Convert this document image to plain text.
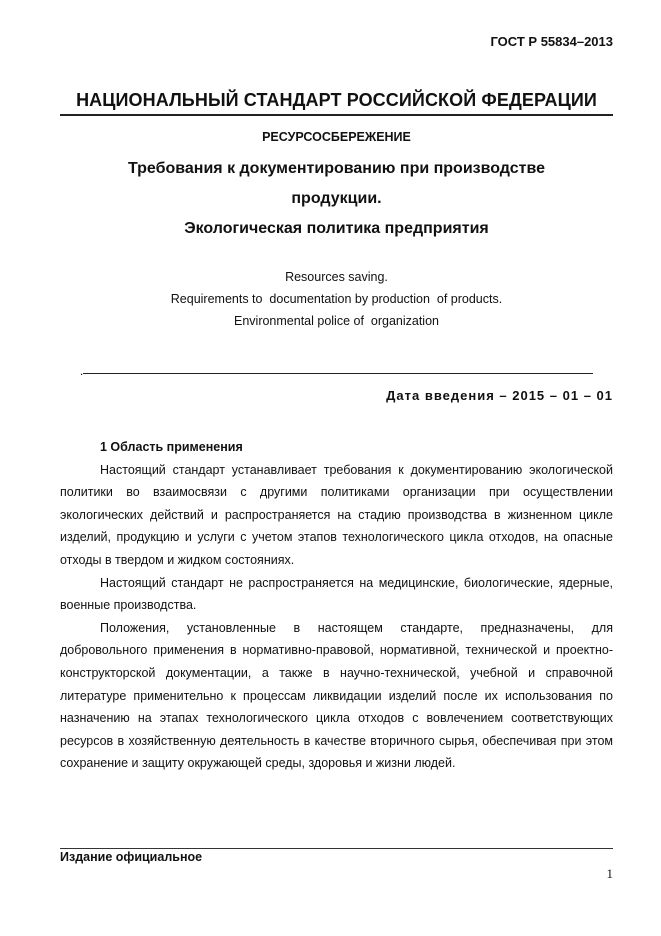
ГОСТ Р 55834–2013
НАЦИОНАЛЬНЫЙ СТАНДАРТ РОССИЙСКОЙ ФЕДЕРАЦИИ
РЕСУРСОСБЕРЕЖЕНИЕ
Требования к документированию при производстве
продукции.
Экологическая политика предприятия
Resources saving.
Requirements to  documentation by production  of products.
Environmental police of  organization
.
Дата введения – 2015 – 01 – 01
1 Область применения

Настоящий стандарт устанавливает требования к документированию экологической политики во взаимосвязи с другими политиками организации при осуществлении экологических действий и распространяется на стадию производства в жизненном цикле изделий, продукцию и услуги с учетом этапов технологического цикла отходов, на опасные отходы в твердом и жидком состояниях.

Настоящий стандарт не распространяется на медицинские, биологические, ядерные, военные производства.

Положения, установленные в настоящем стандарте, предназначены, для добровольного применения в нормативно-правовой, нормативной, технической и проектно-конструкторской документации, а также в научно-технической, учебной и справочной литературе применительно к процессам ликвидации изделий после их использования по назначению на этапах технологического цикла отходов с вовлечением соответствующих ресурсов в хозяйственную деятельность в качестве вторичного сырья, обеспечивая при этом сохранение и защиту окружающей среды, здоровья и жизни людей.

Издание официальное
1
